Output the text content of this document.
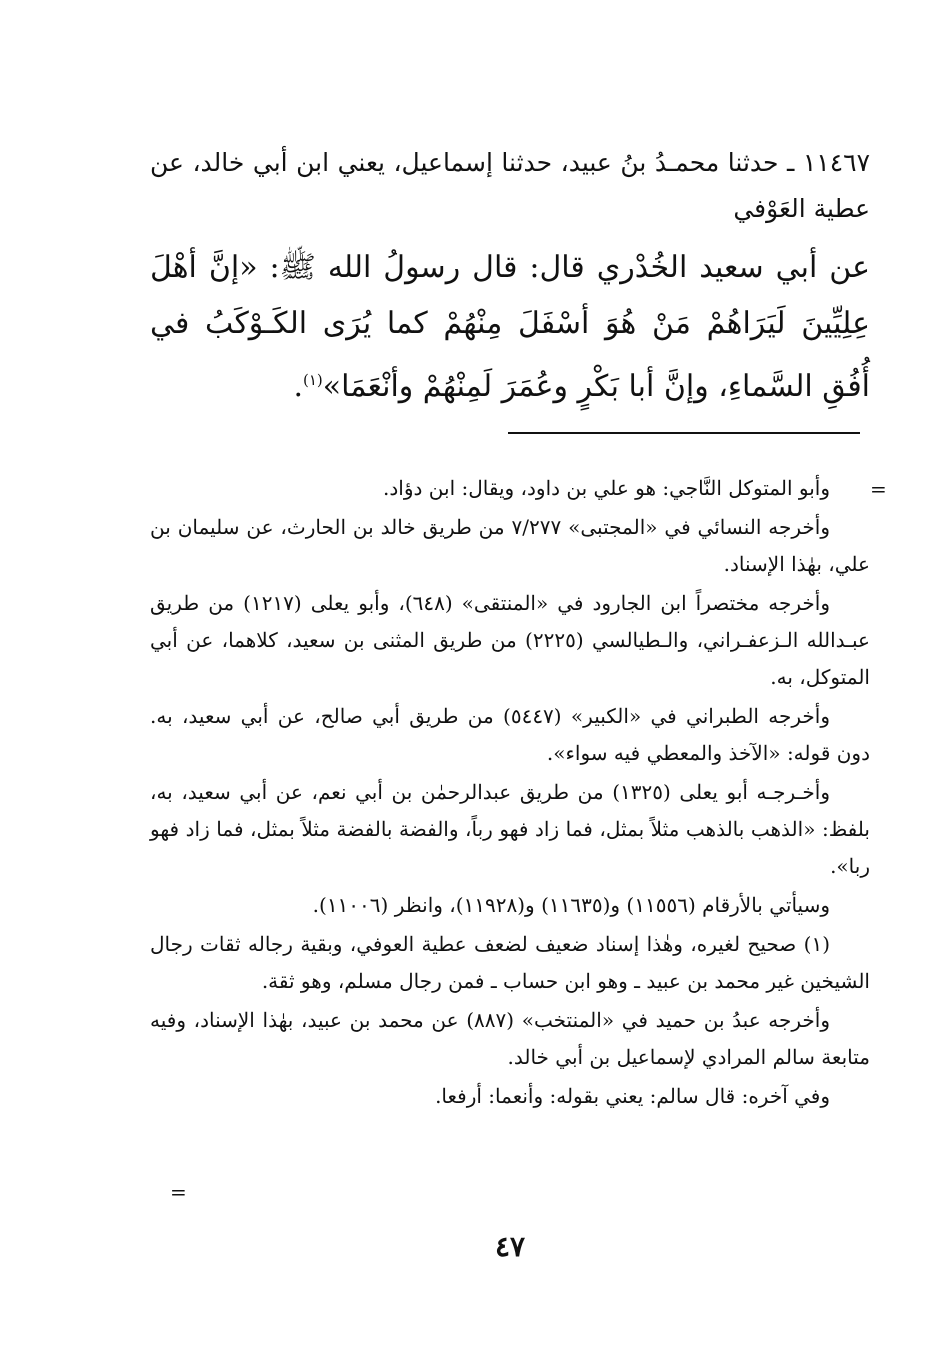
١١٤٦٧ ـ حدثنا محمـدُ بنُ عبيد، حدثنا إسماعيل، يعني ابن أبي خالد، عن عطية العَوْفي

عن أبي سعيد الخُدْري قال: قال رسولُ الله ﷺ: «إنَّ أهْلَ عِلِيِّينَ لَيَرَاهُمْ مَنْ هُوَ أسْفَلَ مِنْهُمْ كما يُرَى الكَـوْكَبُ في أُفُقِ السَّماءِ، وإنَّ أبا بَكْرٍ وعُمَرَ لَمِنْهُمْ وأنْعَمَا»$^{(١)}$.

وأبو المتوكل النَّاجي: هو علي بن داود، ويقال: ابن دؤاد.

وأخرجه النسائي في «المجتبى» ٧/٢٧٧ من طريق خالد بن الحارث، عن سليمان بن علي، بهٰذا الإسناد.

وأخرجه مختصراً ابن الجارود في «المنتقى» (٦٤٨)، وأبو يعلى (١٢١٧) من طريق عبـدالله الـزعفـراني، والـطيالسي (٢٢٢٥) من طريق المثنى بن سعيد، كلاهما، عن أبي المتوكل، به.

وأخرجه الطبراني في «الكبير» (٥٤٤٧) من طريق أبي صالح، عن أبي سعيد، به. دون قوله: «الآخذ والمعطي فيه سواء».

وأخـرجـه أبو يعلى (١٣٢٥) من طريق عبدالرحمٰن بن أبي نعم، عن أبي سعيد، به، بلفظ: «الذهب بالذهب مثلاً بمثل، فما زاد فهو رباً، والفضة بالفضة مثلاً بمثل، فما زاد فهو ربا».

وسيأتي بالأرقام (١١٥٥٦) و(١١٦٣٥) و(١١٩٢٨)، وانظر (١١٠٠٦).

(١) صحيح لغيره، وهٰذا إسناد ضعيف لضعف عطية العوفي، وبقية رجاله ثقات رجال الشيخين غير محمد بن عبيد ـ وهو ابن حساب ـ فمن رجال مسلم، وهو ثقة.

وأخرجه عبدُ بن حميد في «المنتخب» (٨٨٧) عن محمد بن عبيد، بهٰذا الإسناد، وفيه متابعة سالم المرادي لإسماعيل بن أبي خالد.

وفي آخره: قال سالم: يعني بقوله: وأنعما: أرفعا.

=
=
٤٧
